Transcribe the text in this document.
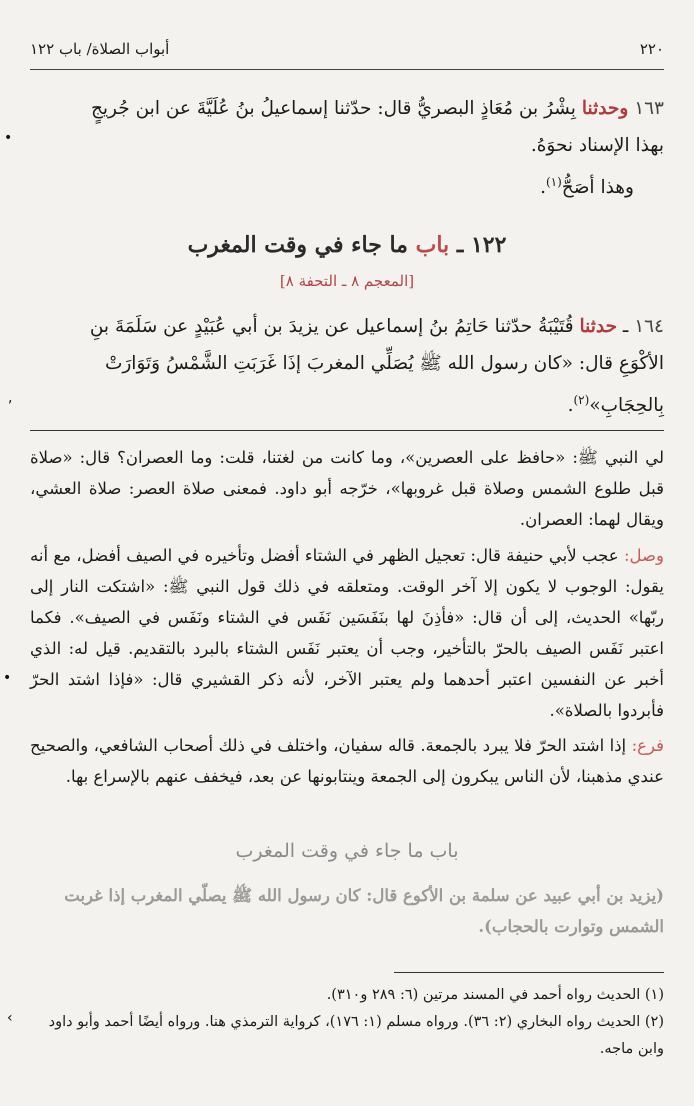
٢٢٠
أبواب الصلاة/ باب ١٢٢
١٦٣ وحدثنا بِشْرُ بن مُعَاذٍ البصريُّ قال: حدّثنا إسماعيلُ بنُ عُلَيَّةَ عن ابن جُريجٍ
بهذا الإسناد نحوَهُ.
وهذا أصَحُّ$^{(١)}$.
١٢٢ ـ باب ما جاء في وقت المغرب
[المعجم ٨ ـ التحفة ٨]
١٦٤ ـ حدثنا قُتَيْبَةُ حدّثنا حَاتِمُ بنُ إسماعيل عن يزيدَ بن أبي عُبَيْدٍ عن سَلَمَةَ بنِ
الأكْوَعِ قال: «كان رسول الله ﷺ يُصَلِّي المغربَ إذَا غَرَبَتِ الشَّمْسُ وَتَوَارَتْ
بِالحِجَابِ»$^{(٢)}$.
لي النبي ﷺ: «حافظ على العصرين»، وما كانت من لغتنا، قلت: وما العصران؟ قال: «صلاة قبل طلوع الشمس وصلاة قبل غروبها»، خرّجه أبو داود. فمعنى صلاة العصر: صلاة العشي، ويقال لهما: العصران.
وصل: عجب لأبي حنيفة قال: تعجيل الظهر في الشتاء أفضل وتأخيره في الصيف أفضل، مع أنه يقول: الوجوب لا يكون إلا آخر الوقت. ومتعلقه في ذلك قول النبي ﷺ: «اشتكت النار إلى ربّها» الحديث، إلى أن قال: «فأذِنَ لها بنَفَسَين نَفَس في الشتاء ونَفَس في الصيف». فكما اعتبر نَفَس الصيف بالحرّ بالتأخير، وجب أن يعتبر نَفَس الشتاء بالبرد بالتقديم. قيل له: الذي أخبر عن النفسين اعتبر أحدهما ولم يعتبر الآخر، لأنه ذكر القشيري قال: «فإذا اشتد الحرّ فأبردوا بالصلاة».
فرع: إذا اشتد الحرّ فلا يبرد بالجمعة. قاله سفيان، واختلف في ذلك أصحاب الشافعي، والصحيح عندي مذهبنا، لأن الناس يبكرون إلى الجمعة وينتابونها عن بعد، فيخفف عنهم بالإسراع بها.
باب ما جاء في وقت المغرب
(يزيد بن أبي عبيد عن سلمة بن الأكوع قال: كان رسول الله ﷺ يصلّي المغرب إذا غربت الشمس وتوارت بالحجاب).
(١) الحديث رواه أحمد في المسند مرتين (٦: ٢٨٩ و٣١٠).
(٢) الحديث رواه البخاري (٢: ٣٦). ورواه مسلم (١: ١٧٦)، كرواية الترمذي هنا. ورواه أيضًا أحمد وأبو داود وابن ماجه.
•
,
•
‹
